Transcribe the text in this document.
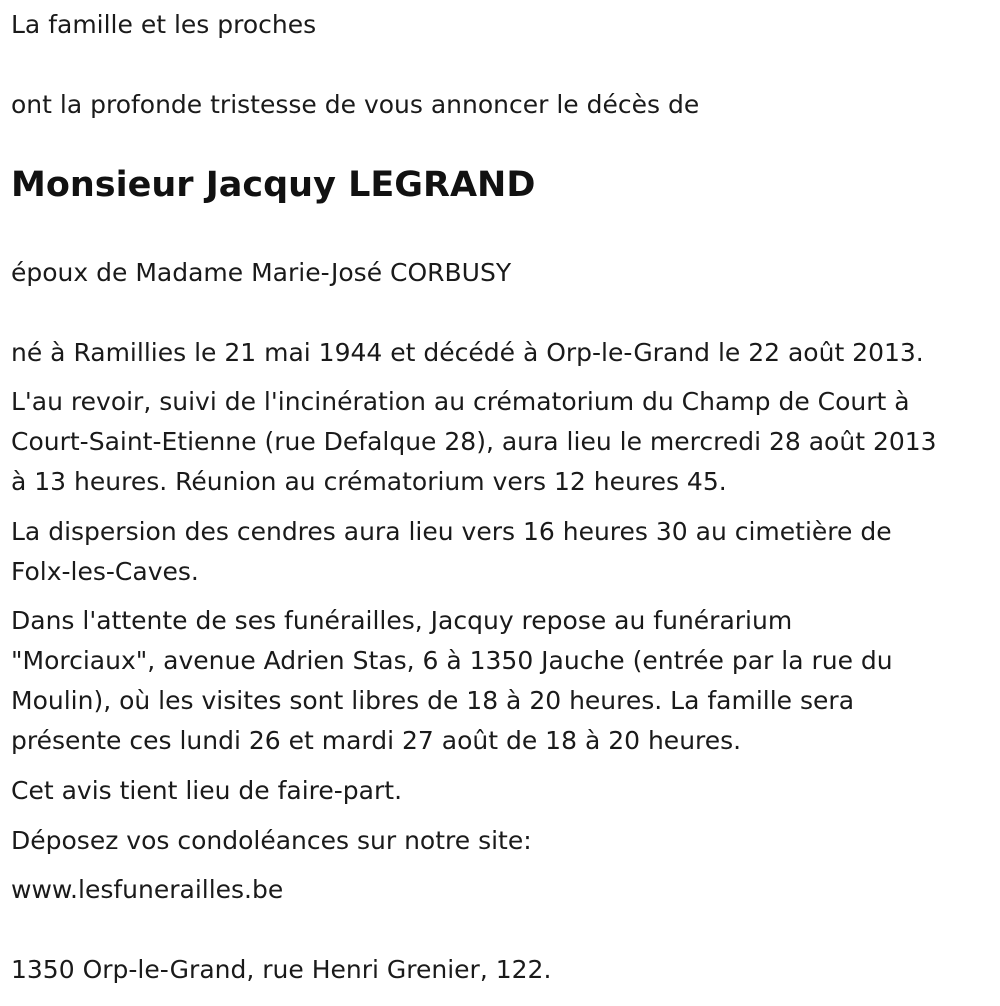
La famille et les proches

ont la profonde tristesse de vous annoncer le décès de

Monsieur Jacquy LEGRAND

époux de Madame Marie-José CORBUSY

né à Ramillies le 21 mai 1944 et décédé à Orp-le-Grand le 22 août 2013.

L'au revoir, suivi de l'incinération au crématorium du Champ de Court à
Court-Saint-Etienne (rue Defalque 28), aura lieu le mercredi 28 août 2013
à 13 heures. Réunion au crématorium vers 12 heures 45.
La dispersion des cendres aura lieu vers 16 heures 30 au cimetière de
Folx-les-Caves.
Dans l'attente de ses funérailles, Jacquy repose au funérarium
"Morciaux", avenue Adrien Stas, 6 à 1350 Jauche (entrée par la rue du
Moulin), où les visites sont libres de 18 à 20 heures. La famille sera
présente ces lundi 26 et mardi 27 août de 18 à 20 heures.

Cet avis tient lieu de faire-part.

Déposez vos condoléances sur notre site:

www.lesfunerailles.be

1350 Orp-le-Grand, rue Henri Grenier, 122.
